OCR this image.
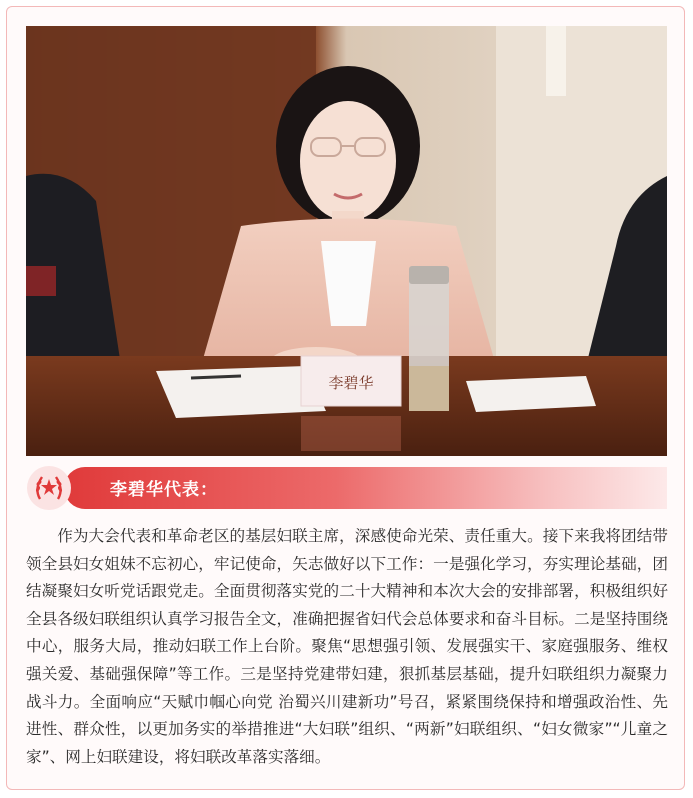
李碧华
李碧华代表：
作为大会代表和革命老区的基层妇联主席，深感使命光荣、责任重大。接下来我将团结带领全县妇女姐妹不忘初心，牢记使命，矢志做好以下工作：一是强化学习，夯实理论基础，团结凝聚妇女听党话跟党走。全面贯彻落实党的二十大精神和本次大会的安排部署，积极组织好全县各级妇联组织认真学习报告全文，准确把握省妇代会总体要求和奋斗目标。二是坚持围绕中心，服务大局，推动妇联工作上台阶。聚焦“思想强引领、发展强实干、家庭强服务、维权强关爱、基础强保障”等工作。三是坚持党建带妇建，狠抓基层基础，提升妇联组织力凝聚力战斗力。全面响应“天赋巾帼心向党 治蜀兴川建新功”号召，紧紧围绕保持和增强政治性、先进性、群众性，以更加务实的举措推进“大妇联”组织、“两新”妇联组织、“妇女微家”“儿童之家”、网上妇联建设，将妇联改革落实落细。
